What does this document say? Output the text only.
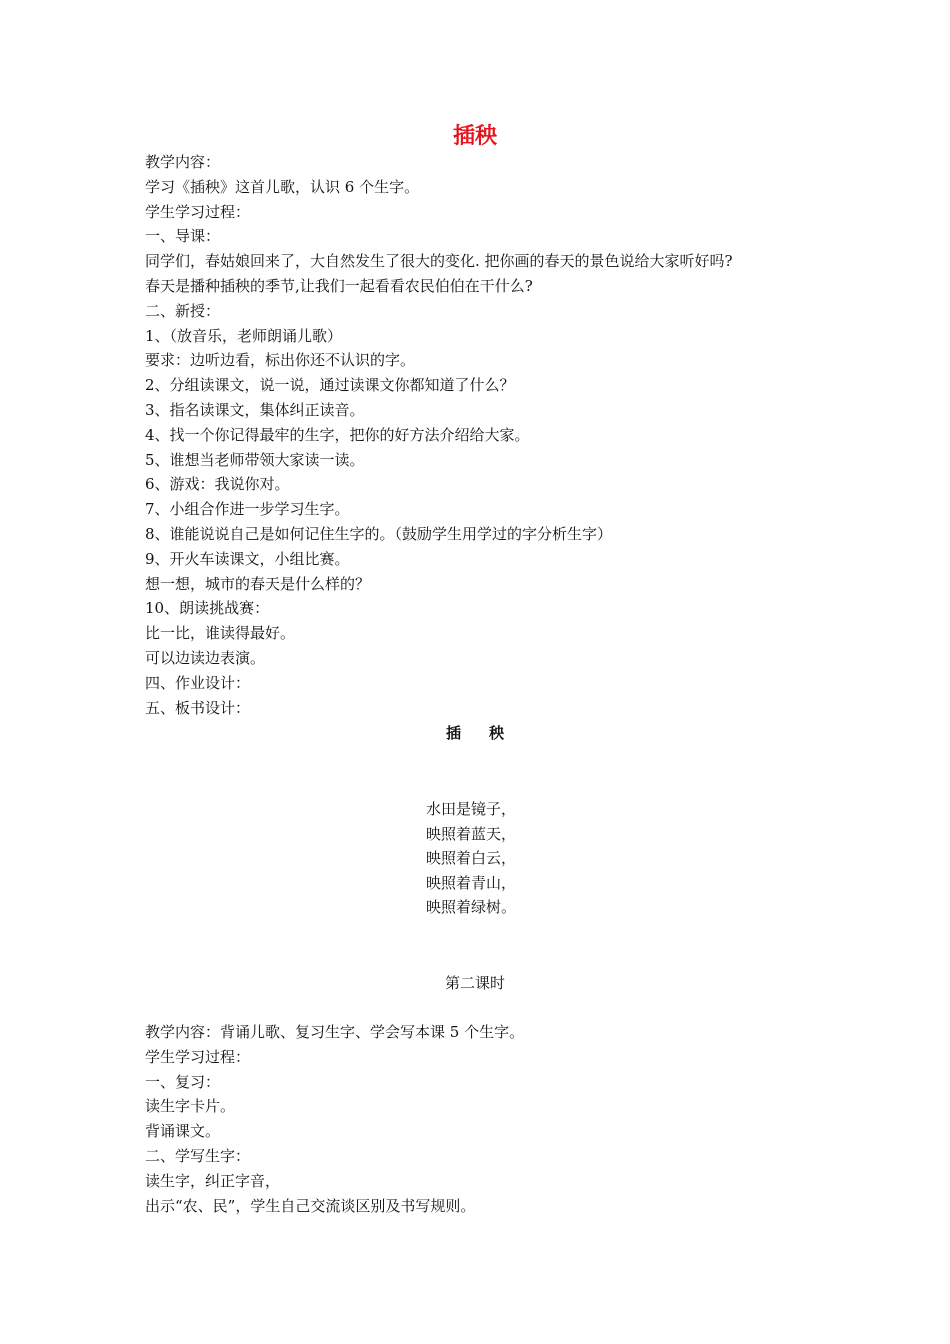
插秧
教学内容：
学习《插秧》这首儿歌，认识 6 个生字。
学生学习过程：
一、导课：
同学们，春姑娘回来了，大自然发生了很大的变化. 把你画的春天的景色说给大家听好吗?
春天是播种插秧的季节,让我们一起看看农民伯伯在干什么?
二、新授：
1、（放音乐，老师朗诵儿歌）
要求：边听边看，标出你还不认识的字。
2、分组读课文，说一说，通过读课文你都知道了什么？
3、指名读课文，集体纠正读音。
4、找一个你记得最牢的生字，把你的好方法介绍给大家。
5、谁想当老师带领大家读一读。
6、游戏：我说你对。
7、小组合作进一步学习生字。
8、谁能说说自己是如何记住生字的。（鼓励学生用学过的字分析生字）
9、开火车读课文，小组比赛。
想一想，城市的春天是什么样的？
10、朗读挑战赛：
比一比，谁读得最好。
可以边读边表演。
四、作业设计：
五、板书设计：
插 秧
水田是镜子，
映照着蓝天，
映照着白云，
映照着青山，
映照着绿树。
第二课时
教学内容：背诵儿歌、复习生字、学会写本课 5 个生字。
学生学习过程：
一、复习：
读生字卡片。
背诵课文。
二、学写生字：
读生字，纠正字音，
出示“农、民”，学生自己交流谈区别及书写规则。
